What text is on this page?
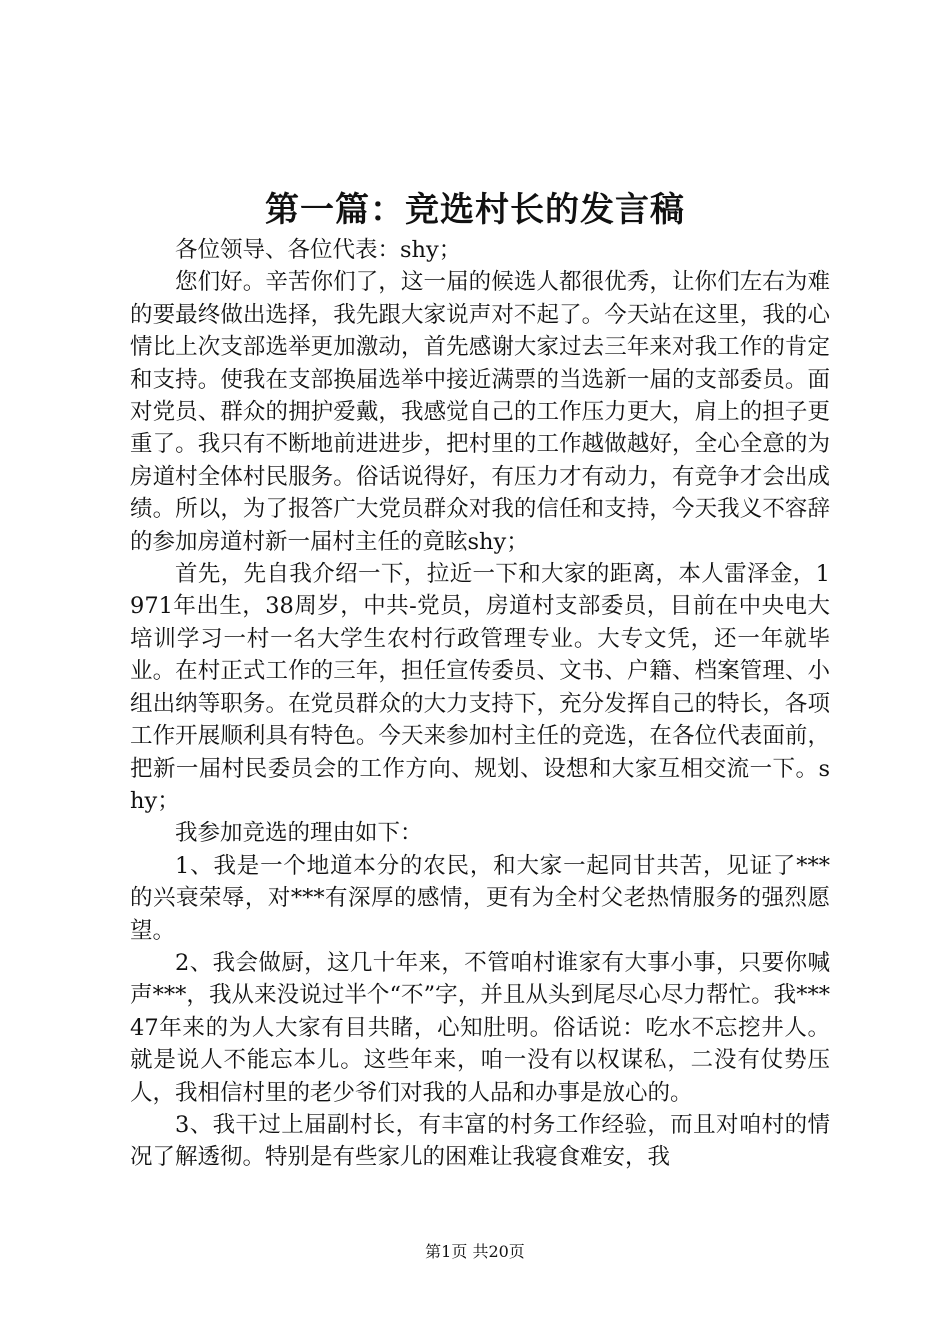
第一篇：竞选村长的发言稿

各位领导、各位代表：shy；

您们好。辛苦你们了，这一届的候选人都很优秀，让你们左右为难的要最终做出选择，我先跟大家说声对不起了。今天站在这里，我的心情比上次支部选举更加激动，首先感谢大家过去三年来对我工作的肯定和支持。使我在支部换届选举中接近满票的当选新一届的支部委员。面对党员、群众的拥护爱戴，我感觉自己的工作压力更大，肩上的担子更重了。我只有不断地前进进步，把村里的工作越做越好，全心全意的为房道村全体村民服务。俗话说得好，有压力才有动力，有竞争才会出成绩。所以，为了报答广大党员群众对我的信任和支持，今天我义不容辞的参加房道村新一届村主任的竟眩shy；

首先，先自我介绍一下，拉近一下和大家的距离，本人雷泽金，1971年出生，38周岁，中共-党员，房道村支部委员，目前在中央电大培训学习一村一名大学生农村行政管理专业。大专文凭，还一年就毕业。在村正式工作的三年，担任宣传委员、文书、户籍、档案管理、小组出纳等职务。在党员群众的大力支持下，充分发挥自己的特长，各项工作开展顺利具有特色。今天来参加村主任的竞选，在各位代表面前，把新一届村民委员会的工作方向、规划、设想和大家互相交流一下。shy；

我参加竞选的理由如下：

1、我是一个地道本分的农民，和大家一起同甘共苦，见证了***的兴衰荣辱，对***有深厚的感情，更有为全村父老热情服务的强烈愿望。

2、我会做厨，这几十年来，不管咱村谁家有大事小事，只要你喊声***，我从来没说过半个“不”字，并且从头到尾尽心尽力帮忙。我***47年来的为人大家有目共睹，心知肚明。俗话说：吃水不忘挖井人。就是说人不能忘本儿。这些年来，咱一没有以权谋私，二没有仗势压人，我相信村里的老少爷们对我的人品和办事是放心的。

3、我干过上届副村长，有丰富的村务工作经验，而且对咱村的情况了解透彻。特别是有些家儿的困难让我寝食难安，我

第1页 共20页
